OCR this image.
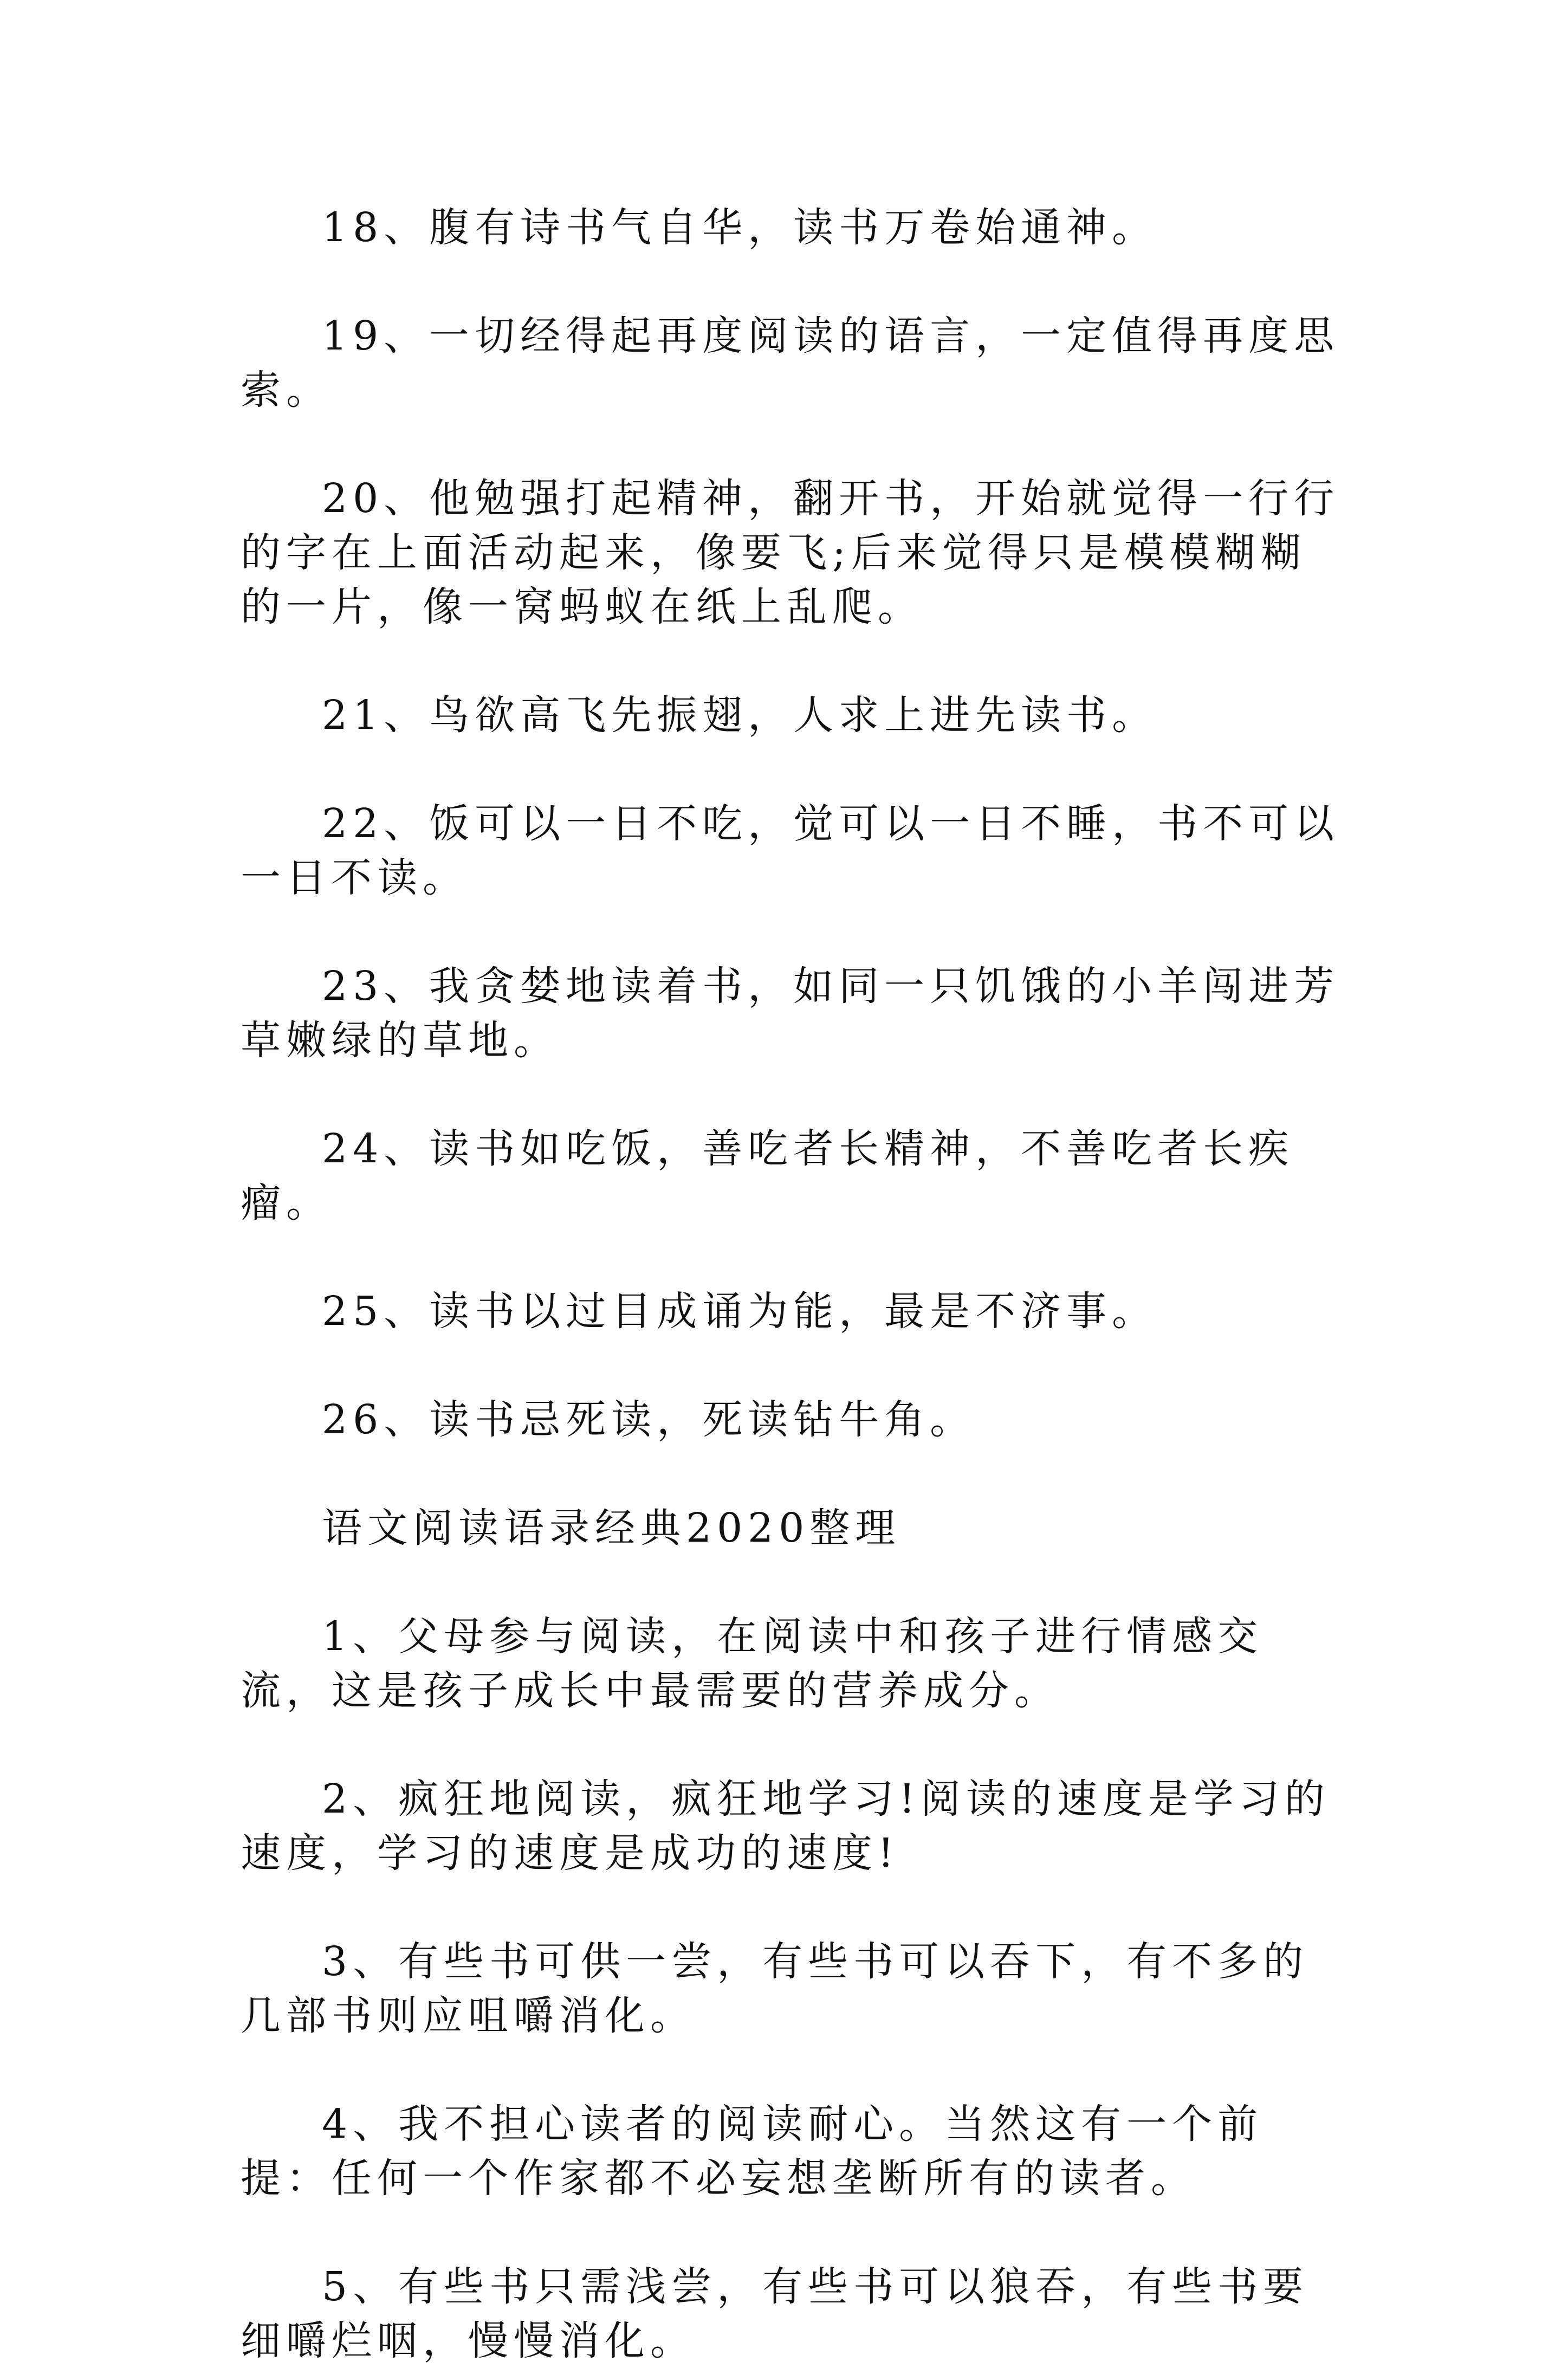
18、腹有诗书气自华，读书万卷始通神。

19、一切经得起再度阅读的语言，一定值得再度思索。

20、他勉强打起精神，翻开书，开始就觉得一行行的字在上面活动起来，像要飞;后来觉得只是模模糊糊的一片，像一窝蚂蚁在纸上乱爬。

21、鸟欲高飞先振翅，人求上进先读书。

22、饭可以一日不吃，觉可以一日不睡，书不可以一日不读。

23、我贪婪地读着书，如同一只饥饿的小羊闯进芳草嫩绿的草地。

24、读书如吃饭，善吃者长精神，不善吃者长疾瘤。

25、读书以过目成诵为能，最是不济事。

26、读书忌死读，死读钻牛角。

语文阅读语录经典2020整理

1、父母参与阅读，在阅读中和孩子进行情感交流，这是孩子成长中最需要的营养成分。

2、疯狂地阅读，疯狂地学习!阅读的速度是学习的速度，学习的速度是成功的速度!

3、有些书可供一尝，有些书可以吞下，有不多的几部书则应咀嚼消化。

4、我不担心读者的阅读耐心。当然这有一个前提：任何一个作家都不必妄想垄断所有的读者。

5、有些书只需浅尝，有些书可以狼吞，有些书要细嚼烂咽，慢慢消化。
